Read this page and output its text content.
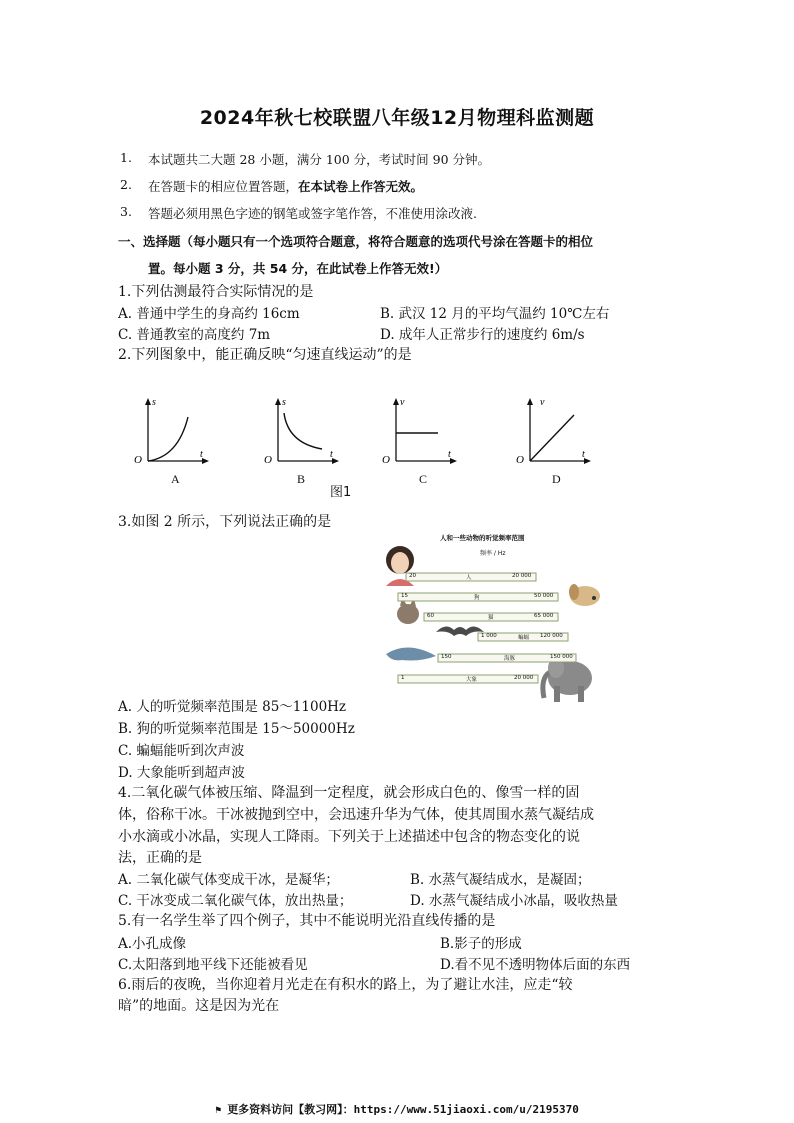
2024年秋七校联盟八年级12月物理科监测题
1. 本试题共二大题 28 小题，满分 100 分，考试时间 90 分钟。
2. 在答题卡的相应位置答题，在本试卷上作答无效。
3. 答题必须用黑色字迹的钢笔或签字笔作答，不准使用涂改液.
一、选择题（每小题只有一个选项符合题意，将符合题意的选项代号涂在答题卡的相位
置。每小题 3 分，共 54 分，在此试卷上作答无效!）
1.下列估测最符合实际情况的是
A. 普通中学生的身高约 16cm	B. 武汉 12 月的平均气温约 10℃左右
C. 普通教室的高度约 7m	D. 成年人正常步行的速度约 6m/s
2.下列图象中，能正确反映“匀速直线运动”的是
s
t
O
A
s
t
O
B
v
t
O
C
v
t
O
D
图1
3.如图 2 所示，下列说法正确的是
人和一些动物的听觉频率范围
频率 / Hz
20	人	20 000
15	狗	50 000
60	猫	65 000
1 000	蝙蝠 120 000
150	海豚	150 000
1	大象	20 000
A. 人的听觉频率范围是 85～1100Hz
B. 狗的听觉频率范围是 15～50000Hz
C. 蝙蝠能听到次声波
D. 大象能听到超声波
4.二氧化碳气体被压缩、降温到一定程度，就会形成白色的、像雪一样的固
体，俗称干冰。干冰被抛到空中，会迅速升华为气体，使其周围水蒸气凝结成
小水滴或小冰晶，实现人工降雨。下列关于上述描述中包含的物态变化的说
法，正确的是
A. 二氧化碳气体变成干冰，是凝华；	B. 水蒸气凝结成水，是凝固；
C. 干冰变成二氧化碳气体，放出热量；	D. 水蒸气凝结成小冰晶，吸收热量
5.有一名学生举了四个例子，其中不能说明光沿直线传播的是
A.小孔成像	B.影子的形成
C.太阳落到地平线下还能被看见	D.看不见不透明物体后面的东西
6.雨后的夜晚，当你迎着月光走在有积水的路上，为了避让水洼，应走“较
暗”的地面。这是因为光在
⚑ 更多资料访问【教习网】：https://www.51jiaoxi.com/u/2195370
